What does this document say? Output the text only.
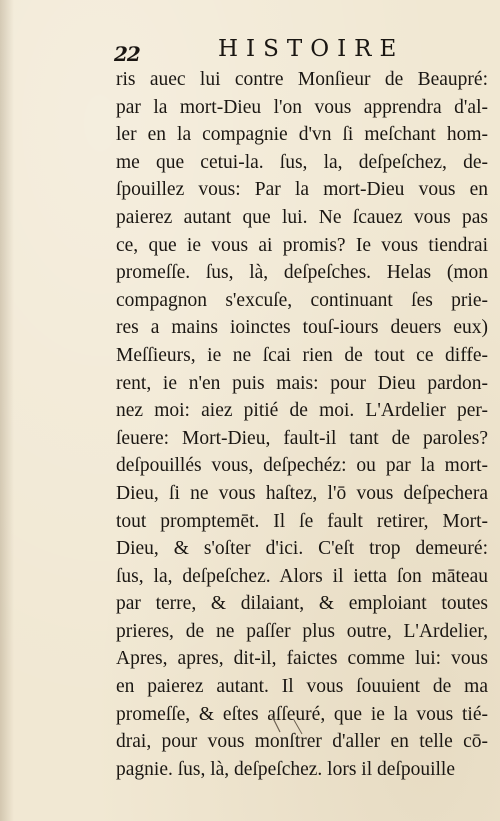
22	HISTOIRE
ris auec lui contre Monſieur de Beaupré:
par la mort-Dieu l'on vous apprendra d'al-
ler en la compagnie d'vn ſi meſchant hom-
me que cetui-la. ſus, la, deſpeſchez, de-
ſpouillez vous: Par la mort-Dieu vous en
paierez autant que lui. Ne ſcauez vous pas
ce, que ie vous ai promis? Ie vous tiendrai
promeſſe. ſus, là, deſpeſches. Helas (mon
compagnon s'excuſe, continuant ſes prie-
res a mains ioinctes touſ-iours deuers eux)
Meſſieurs, ie ne ſcai rien de tout ce diffe-
rent, ie n'en puis mais: pour Dieu pardon-
nez moi: aiez pitié de moi. L'Ardelier per-
ſeuere: Mort-Dieu, fault-il tant de paroles?
deſpouillés vous, deſpechéz: ou par la mort-
Dieu, ſi ne vous haſtez, l'ō vous deſpechera
tout promptemēt. Il ſe fault retirer, Mort-
Dieu, & s'oſter d'ici. C'eſt trop demeuré:
ſus, la, deſpeſchez. Alors il ietta ſon māteau
par terre, & dilaiant, & emploiant toutes
prieres, de ne paſſer plus outre, L'Ardelier,
Apres, apres, dit-il, faictes comme lui: vous
en paierez autant. Il vous ſouuient de ma
promeſſe, & eſtes aſſeuré, que ie la vous tié-
drai, pour vous monſtrer d'aller en telle cō-
pagnie. ſus, là, deſpeſchez. lors il deſpouille
